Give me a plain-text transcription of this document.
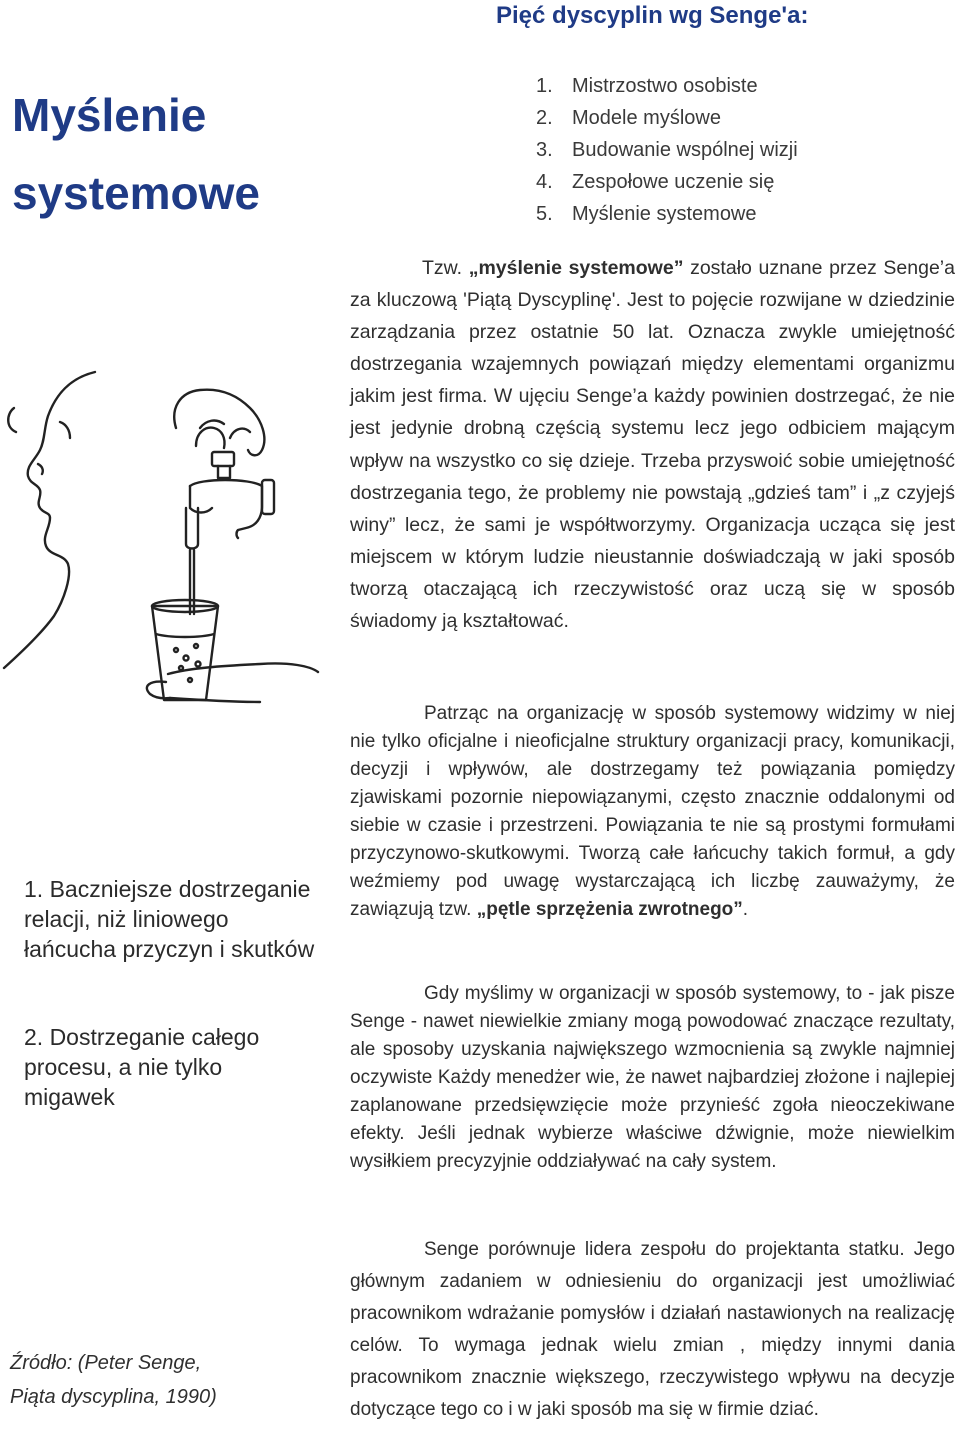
Pięć dyscyplin wg Senge'a:
Myślenie
systemowe
1. Mistrzostwo osobiste
2. Modele myślowe
3. Budowanie wspólnej wizji
4. Zespołowe uczenie się
5. Myślenie systemowe
Tzw. „myślenie systemowe” zostało uznane przez Senge’a za kluczową 'Piątą Dyscyplinę'. Jest to pojęcie rozwijane w dziedzinie zarządzania przez ostatnie 50 lat. Oznacza zwykle umiejętność dostrzegania wzajemnych powiązań między elementami organizmu jakim jest firma. W ujęciu Senge’a każdy powinien dostrzegać, że nie jest jedynie drobną częścią systemu lecz jego odbiciem mającym wpływ na wszystko co się dzieje. Trzeba przyswoić sobie umiejętność dostrzegania tego, że problemy nie powstają „gdzieś tam” i „z czyjejś winy” lecz, że sami je współtworzymy. Organizacja ucząca się jest miejscem w którym ludzie nieustannie doświadczają w jaki sposób tworzą otaczającą ich rzeczywistość oraz uczą się w sposób świadomy ją kształtować.
Patrząc na organizację w sposób systemowy widzimy w niej nie tylko oficjalne i nieoficjalne struktury organizacji pracy, komunikacji, decyzji i wpływów, ale dostrzegamy też powiązania pomiędzy zjawiskami pozornie niepowiązanymi, często znacznie oddalonymi od siebie w czasie i przestrzeni. Powiązania te nie są prostymi formułami przyczynowo-skutkowymi. Tworzą całe łańcuchy takich formuł, a gdy weźmiemy pod uwagę wystarczającą ich liczbę zauważymy, że zawiązują tzw. „pętle sprzężenia zwrotnego”.
1. Baczniejsze dostrzeganie
relacji, niż liniowego
łańcucha przyczyn i skutków
2. Dostrzeganie całego
procesu, a nie tylko
migawek
Gdy myślimy w organizacji w sposób systemowy, to - jak pisze Senge - nawet niewielkie zmiany mogą powodować znaczące rezultaty, ale sposoby uzyskania największego wzmocnienia są zwykle najmniej oczywiste Każdy menedżer wie, że nawet najbardziej złożone i najlepiej zaplanowane przedsięwzięcie może przynieść zgoła nieoczekiwane efekty. Jeśli jednak wybierze właściwe dźwignie, może niewielkim wysiłkiem precyzyjnie oddziaływać na cały system.
Senge porównuje lidera zespołu do projektanta statku. Jego głównym zadaniem w odniesieniu do organizacji jest umożliwiać pracownikom wdrażanie pomysłów i działań nastawionych na realizację celów. To wymaga jednak wielu zmian , między innymi dania pracownikom znacznie większego, rzeczywistego wpływu na decyzje dotyczące tego co i w jaki sposób ma się w firmie dziać.
Źródło: (Peter Senge,
Piąta dyscyplina, 1990)
